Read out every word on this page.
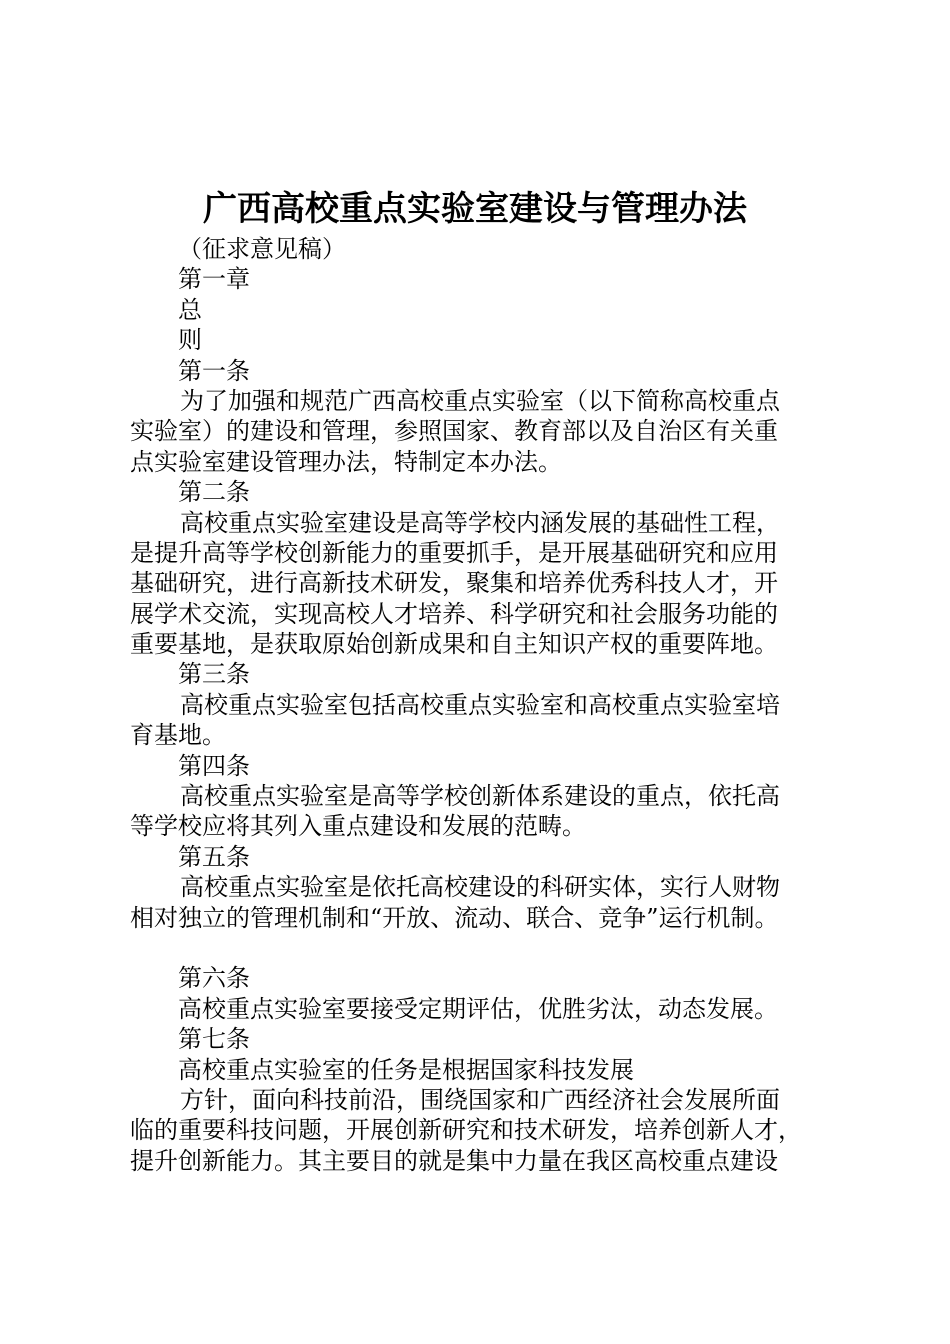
广西高校重点实验室建设与管理办法
（征求意见稿）
第一章
总
则
第一条
为了加强和规范广西高校重点实验室（以下简称高校重点
实验室）的建设和管理，参照国家、教育部以及自治区有关重
点实验室建设管理办法，特制定本办法。
第二条
高校重点实验室建设是高等学校内涵发展的基础性工程，
是提升高等学校创新能力的重要抓手，是开展基础研究和应用
基础研究，进行高新技术研发，聚集和培养优秀科技人才，开
展学术交流，实现高校人才培养、科学研究和社会服务功能的
重要基地，是获取原始创新成果和自主知识产权的重要阵地。
第三条
高校重点实验室包括高校重点实验室和高校重点实验室培
育基地。
第四条
高校重点实验室是高等学校创新体系建设的重点，依托高
等学校应将其列入重点建设和发展的范畴。
第五条
高校重点实验室是依托高校建设的科研实体，实行人财物
相对独立的管理机制和“开放、流动、联合、竞争”运行机制。
第六条
高校重点实验室要接受定期评估，优胜劣汰，动态发展。
第七条
高校重点实验室的任务是根据国家科技发展
方针，面向科技前沿，围绕国家和广西经济社会发展所面
临的重要科技问题，开展创新研究和技术研发，培养创新人才，
提升创新能力。其主要目的就是集中力量在我区高校重点建设
